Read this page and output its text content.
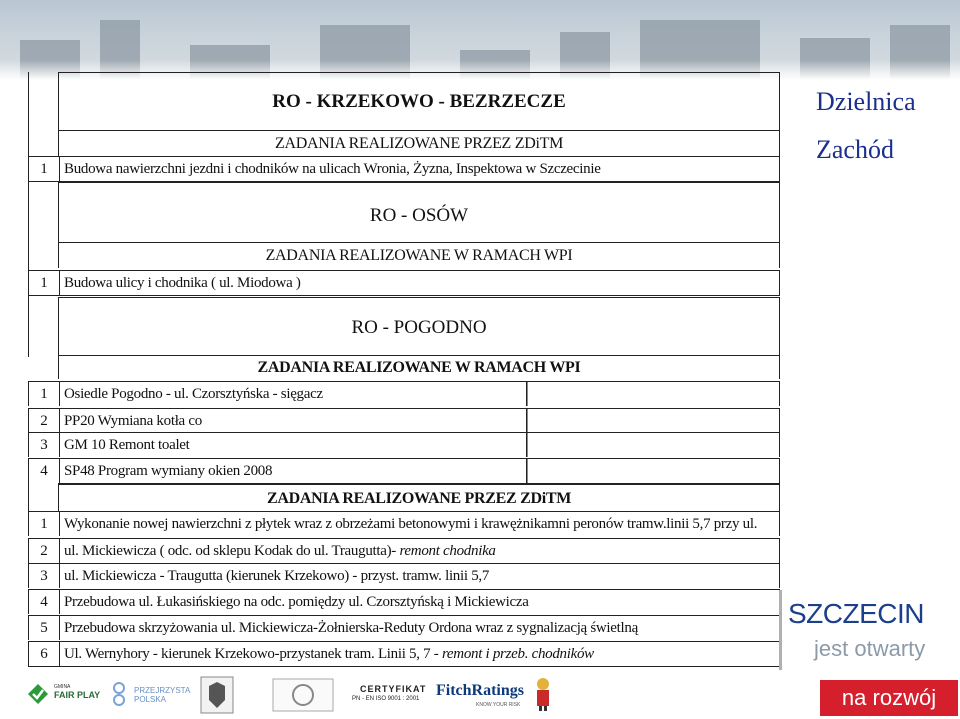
RO - KRZEKOWO - BEZRZECZE
ZADANIA REALIZOWANE PRZEZ ZDiTM
1	Budowa nawierzchni jezdni i chodników na ulicach Wronia, Żyzna, Inspektowa w Szczecinie
RO - OSÓW
ZADANIA REALIZOWANE W RAMACH WPI
1	Budowa ulicy i chodnika ( ul. Miodowa )
RO - POGODNO
ZADANIA REALIZOWANE W RAMACH WPI
1	Osiedle Pogodno - ul. Czorsztyńska - sięgacz
2	PP20 Wymiana kotła co
3	GM 10 Remont toalet
4	SP48 Program wymiany okien 2008
ZADANIA REALIZOWANE PRZEZ ZDiTM
1	Wykonanie nowej nawierzchni z płytek wraz z obrzeżami betonowymi i krawężnikamni peronów tramw.linii 5,7 przy ul.
2	ul. Mickiewicza ( odc. od sklepu Kodak do ul. Traugutta)- remont chodnika
3	ul. Mickiewicza - Traugutta (kierunek Krzekowo) - przyst. tramw. linii 5,7
4	Przebudowa ul. Łukasińskiego na odc. pomiędzy ul. Czorsztyńską i Mickiewicza
5	Przebudowa skrzyżowania ul. Mickiewicza-Żołnierska-Reduty Ordona wraz z sygnalizacją świetlną
6	Ul. Wernyhory - kierunek Krzekowo-przystanek tram. Linii 5, 7 - remont i przeb. chodników
Dzielnica
Zachód
SZCZECIN
jest otwarty
na rozwój
GMINA
FAIR PLAY	PRZEJRZYSTA POLSKA
CERTYFIKAT
PN - EN ISO 9001 : 2001 FitchRatings
KNOW YOUR RISK
